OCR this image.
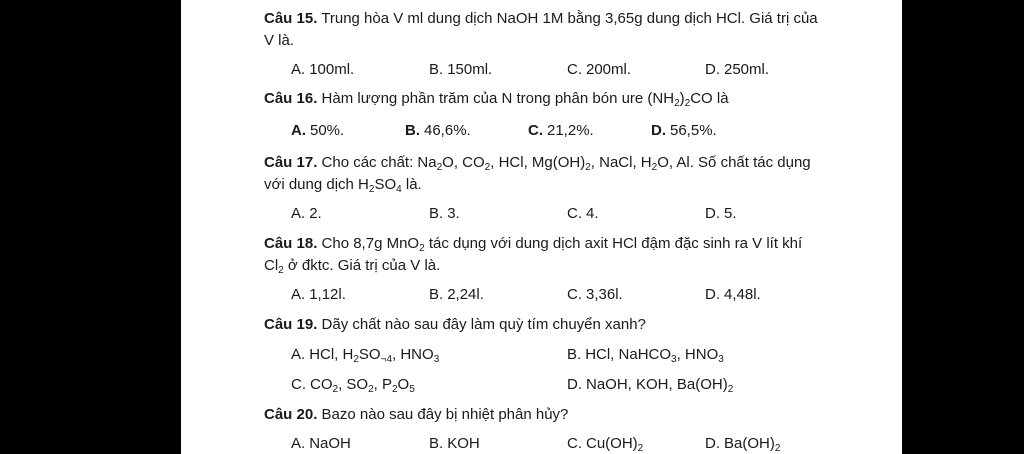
Câu 15. Trung hòa V ml dung dịch NaOH 1M bằng 3,65g dung dịch HCl. Giá trị của V là.
A. 100ml.	B. 150ml.	C. 200ml.	D. 250ml.
Câu 16. Hàm lượng phần trăm của N trong phân bón ure $(NH_2)_2CO$ là
A. 50%.	B. 46,6%.	C. 21,2%.	D. 56,5%.
Câu 17. Cho các chất: $Na_2O$, $CO_2$, HCl, $Mg(OH)_2$, NaCl, $H_2O$, Al. Số chất tác dụng với dung dịch $H_2SO_4$ là.
A. 2.	B. 3.	C. 4.	D. 5.
Câu 18. Cho 8,7g MnO$_2$ tác dụng với dung dịch axit HCl đậm đặc sinh ra V lít khí $Cl_2$ ở đktc. Giá trị của V là.
A. 1,12l.	B. 2,24l.	C. 3,36l.	D. 4,48l.
Câu 19. Dãy chất nào sau đây làm quỳ tím chuyển xanh?
A. HCl, $H_2SO_{\neg 4}$, $HNO_3$	B. HCl, NaHCO$_3$, $HNO_3$
C. $CO_2$, $SO_2$, $P_2O_5$	D. NaOH, KOH, $Ba(OH)_2$
Câu 20. Bazo nào sau đây bị nhiệt phân hủy?
A. NaOH	B. KOH	C. $Cu(OH)_2$	D. $Ba(OH)_2$
